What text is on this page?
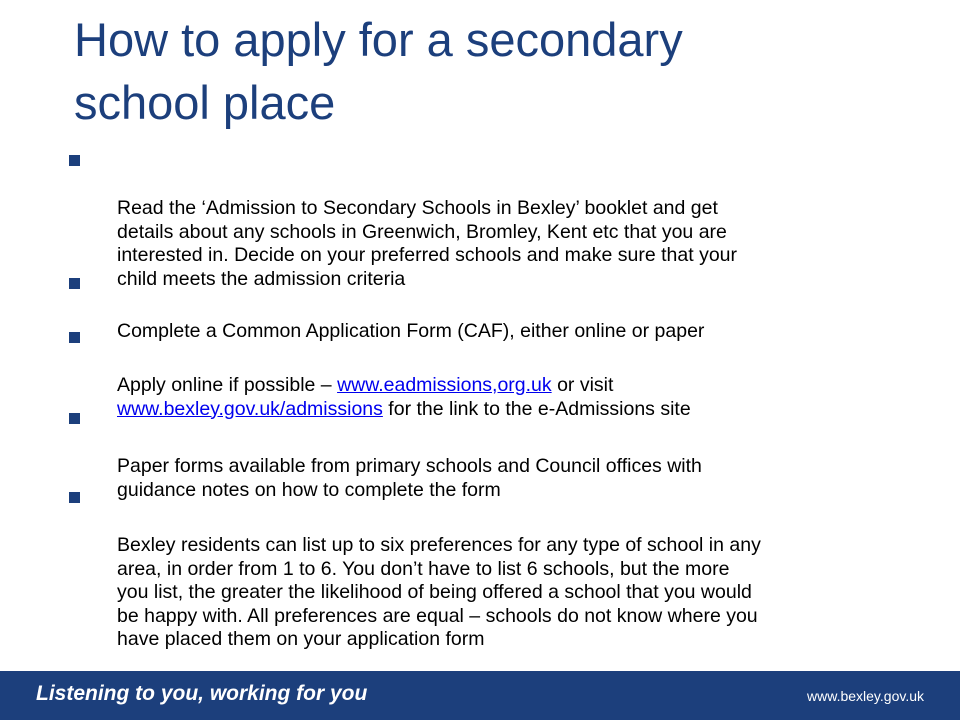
How to apply for a secondary
school place

Read the ‘Admission to Secondary Schools in Bexley’ booklet and get
details about any schools in Greenwich, Bromley, Kent etc that you are
interested in. Decide on your preferred schools and make sure that your
child meets the admission criteria

Complete a Common Application Form (CAF), either online or paper

Apply online if possible – www.eadmissions,org.uk or visit
www.bexley.gov.uk/admissions for the link to the e-Admissions site

Paper forms available from primary schools and Council offices with
guidance notes on how to complete the form

Bexley residents can list up to six preferences for any type of school in any
area, in order from 1 to 6. You don’t have to list 6 schools, but the more
you list, the greater the likelihood of being offered a school that you would
be happy with. All preferences are equal – schools do not know where you
have placed them on your application form

Listening to you, working for you	www.bexley.gov.uk
